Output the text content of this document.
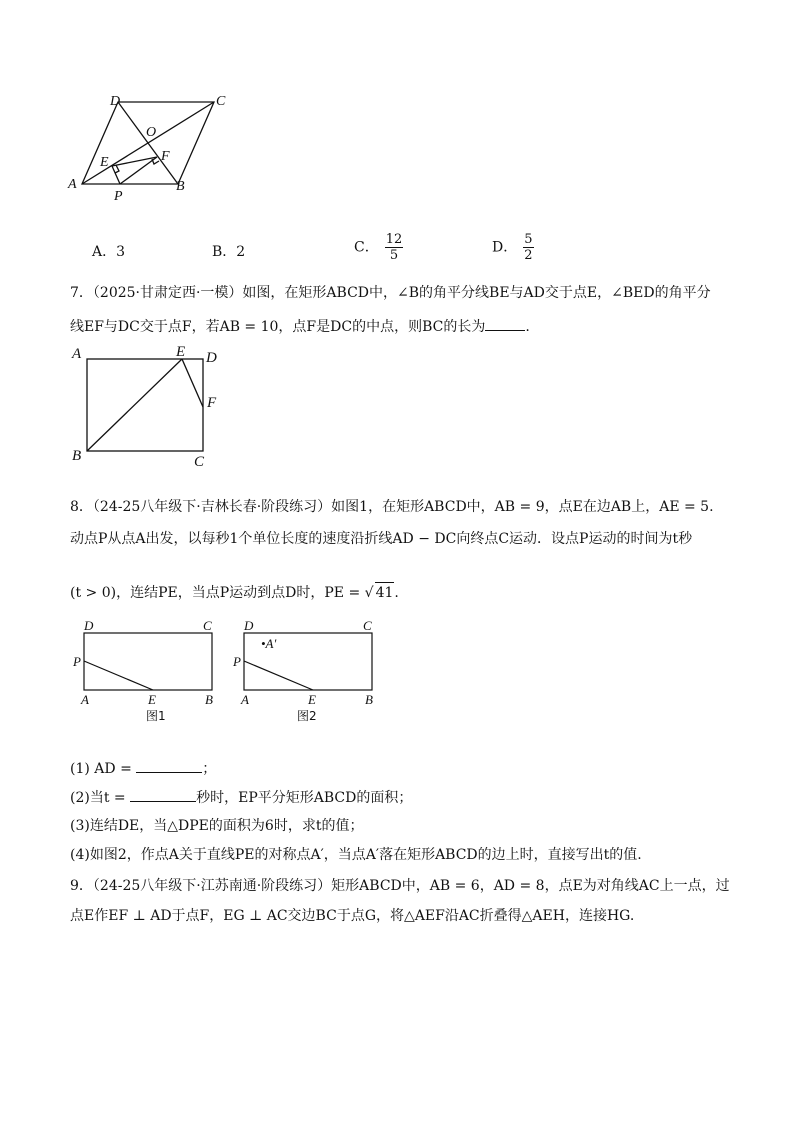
D	C
O
E	F
A
P
B
A．3	B．2	C． $\frac{12}{5}$	D． $\frac{5}{2}$
7．（2025·甘肃定西·一模）如图，在矩形ABCD中，∠B的角平分线BE与AD交于点E，∠BED的角平分
线EF与DC交于点F，若AB = 10，点F是DC的中点，则BC的长为	.
A	E D
F
B	C
8．（24-25八年级下·吉林长春·阶段练习）如图1，在矩形ABCD中，AB = 9，点E在边AB上，AE = 5.
动点P从点A出发，以每秒1个单位长度的速度沿折线AD − DC向终点C运动．设点P运动的时间为t秒
(t > 0)，连结PE，当点P运动到点D时，PE = √ 41.
D	C
P
A	E	B
图1
D	C
•A′
P
A	E	B
图2
(1) AD =	；
(2)当t =	秒时，EP平分矩形ABCD的面积；
(3)连结DE，当△DPE的面积为6时，求t的值；
(4)如图2，作点A关于直线PE的对称点A′，当点A′落在矩形ABCD的边上时，直接写出t的值.
9．（24-25八年级下·江苏南通·阶段练习）矩形ABCD中，AB = 6，AD = 8，点E为对角线AC上一点，过
点E作EF ⊥ AD于点F，EG ⊥ AC交边BC于点G，将△AEF沿AC折叠得△AEH，连接HG.
